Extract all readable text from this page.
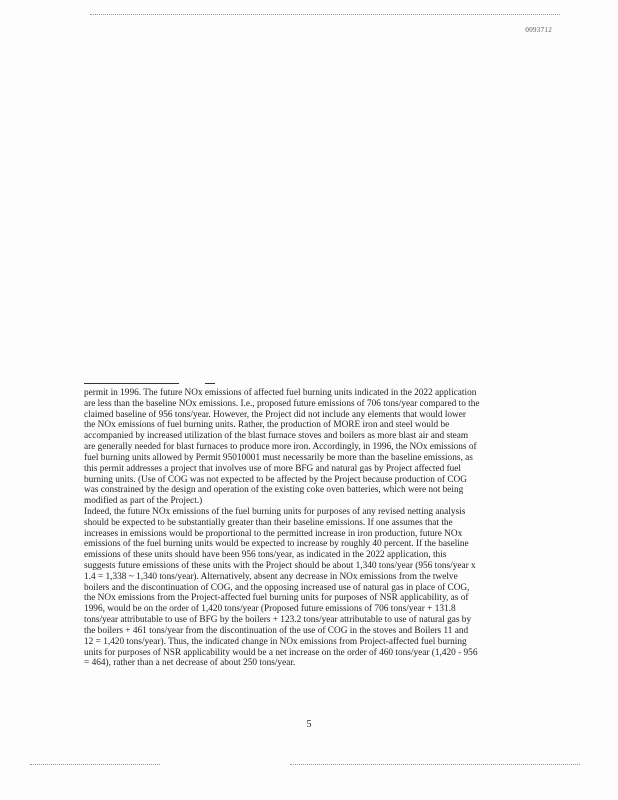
0093712

permit in 1996. The future NOx emissions of affected fuel burning units indicated in the 2022 application
are less than the baseline NOx emissions. I.e., proposed future emissions of 706 tons/year compared to the
claimed baseline of 956 tons/year. However, the Project did not include any elements that would lower
the NOx emissions of fuel burning units. Rather, the production of MORE iron and steel would be
accompanied by increased utilization of the blast furnace stoves and boilers as more blast air and steam
are generally needed for blast furnaces to produce more iron. Accordingly, in 1996, the NOx emissions of
fuel burning units allowed by Permit 95010001 must necessarily be more than the baseline emissions, as
this permit addresses a project that involves use of more BFG and natural gas by Project affected fuel
burning units. (Use of COG was not expected to be affected by the Project because production of COG
was constrained by the design and operation of the existing coke oven batteries, which were not being
modified as part of the Project.)

Indeed, the future NOx emissions of the fuel burning units for purposes of any revised netting analysis
should be expected to be substantially greater than their baseline emissions. If one assumes that the
increases in emissions would be proportional to the permitted increase in iron production, future NOx
emissions of the fuel burning units would be expected to increase by roughly 40 percent. If the baseline
emissions of these units should have been 956 tons/year, as indicated in the 2022 application, this
suggests future emissions of these units with the Project should be about 1,340 tons/year (956 tons/year x
1.4 = 1,338 ~ 1,340 tons/year). Alternatively, absent any decrease in NOx emissions from the twelve
boilers and the discontinuation of COG, and the opposing increased use of natural gas in place of COG,
the NOx emissions from the Project-affected fuel burning units for purposes of NSR applicability, as of
1996, would be on the order of 1,420 tons/year (Proposed future emissions of 706 tons/year + 131.8
tons/year attributable to use of BFG by the boilers + 123.2 tons/year attributable to use of natural gas by
the boilers + 461 tons/year from the discontinuation of the use of COG in the stoves and Boilers 11 and
12 = 1,420 tons/year). Thus, the indicated change in NOx emissions from Project-affected fuel burning
units for purposes of NSR applicability would be a net increase on the order of 460 tons/year (1,420 - 956
= 464), rather than a net decrease of about 250 tons/year.

5
